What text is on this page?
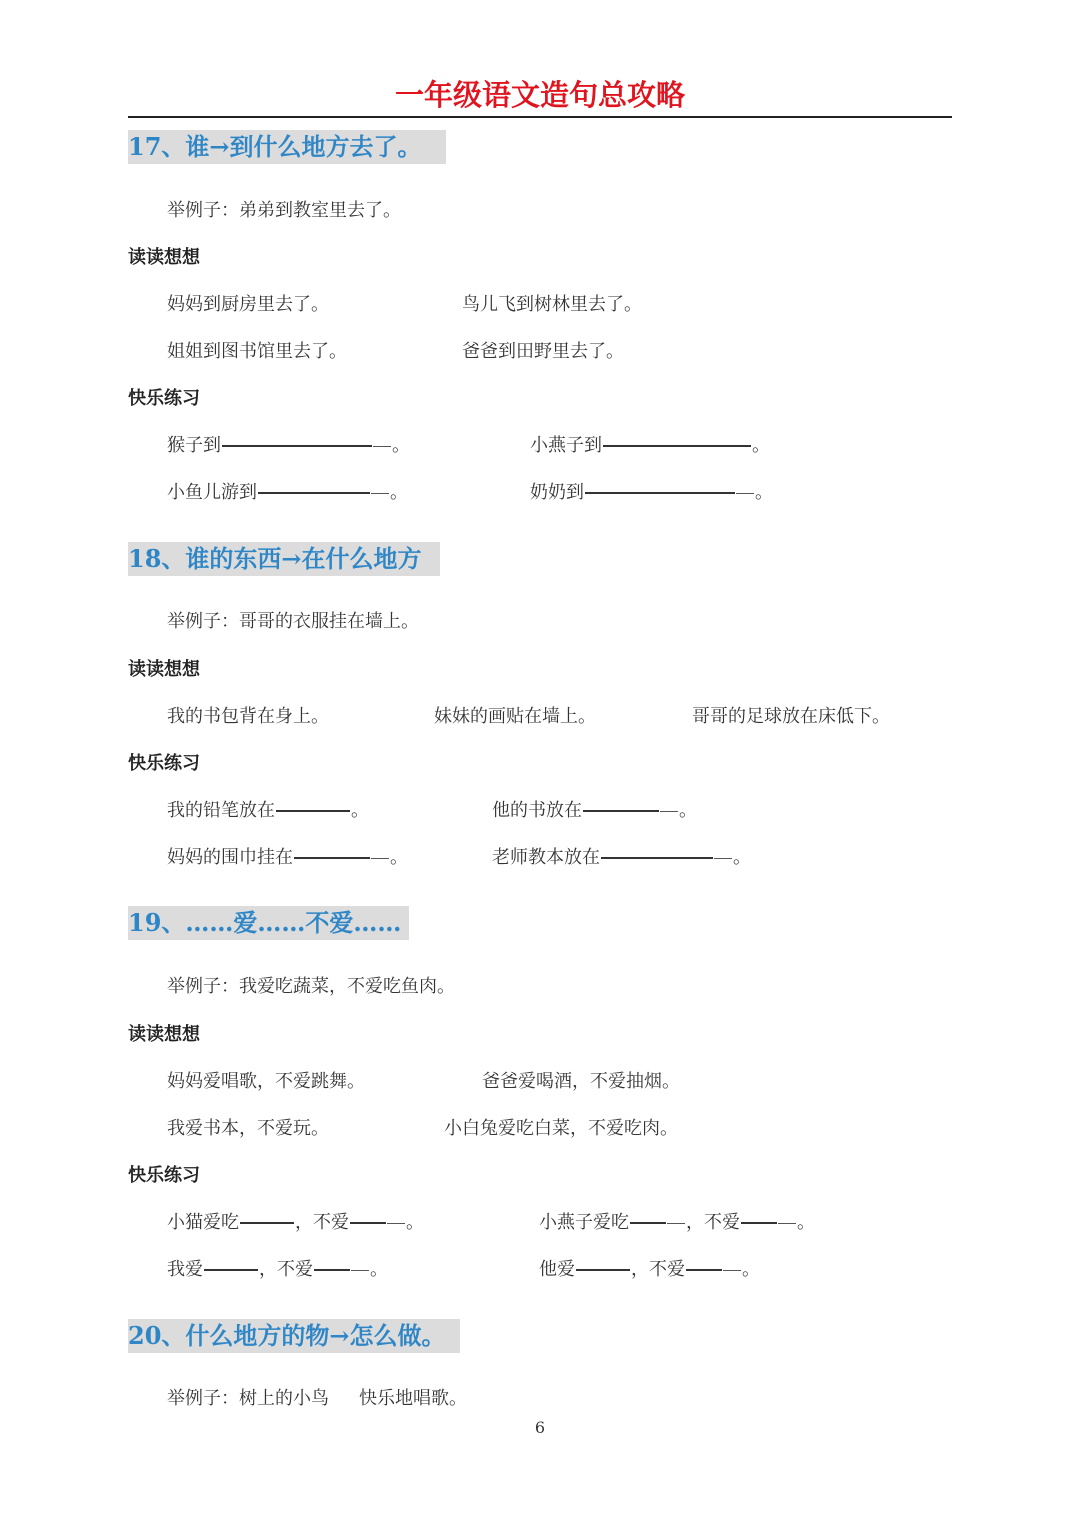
一年级语文造句总攻略
17、谁→到什么地方去了。
举例子：弟弟到教室里去了。
读读想想
妈妈到厨房里去了。	鸟儿飞到树林里去了。
姐姐到图书馆里去了。	爸爸到田野里去了。
快乐练习
猴子到	。	小燕子到	。
小鱼儿游到	。	奶奶到	。
18、谁的东西→在什么地方
举例子：哥哥的衣服挂在墙上。
读读想想
我的书包背在身上。	妹妹的画贴在墙上。	哥哥的足球放在床低下。
快乐练习
我的铅笔放在	。	他的书放在	。
妈妈的围巾挂在	。	老师教本放在	。
19、……爱……不爱……
举例子：我爱吃蔬菜，不爱吃鱼肉。
读读想想
妈妈爱唱歌，不爱跳舞。	爸爸爱喝酒，不爱抽烟。
我爱书本，不爱玩。	小白兔爱吃白菜，不爱吃肉。
快乐练习
小猫爱吃	，不爱	。	小燕子爱吃	，不爱	。
我爱	，不爱	。	他爱	，不爱	。
20、什么地方的物→怎么做。
举例子：树上的小鸟 快乐地唱歌。
6
